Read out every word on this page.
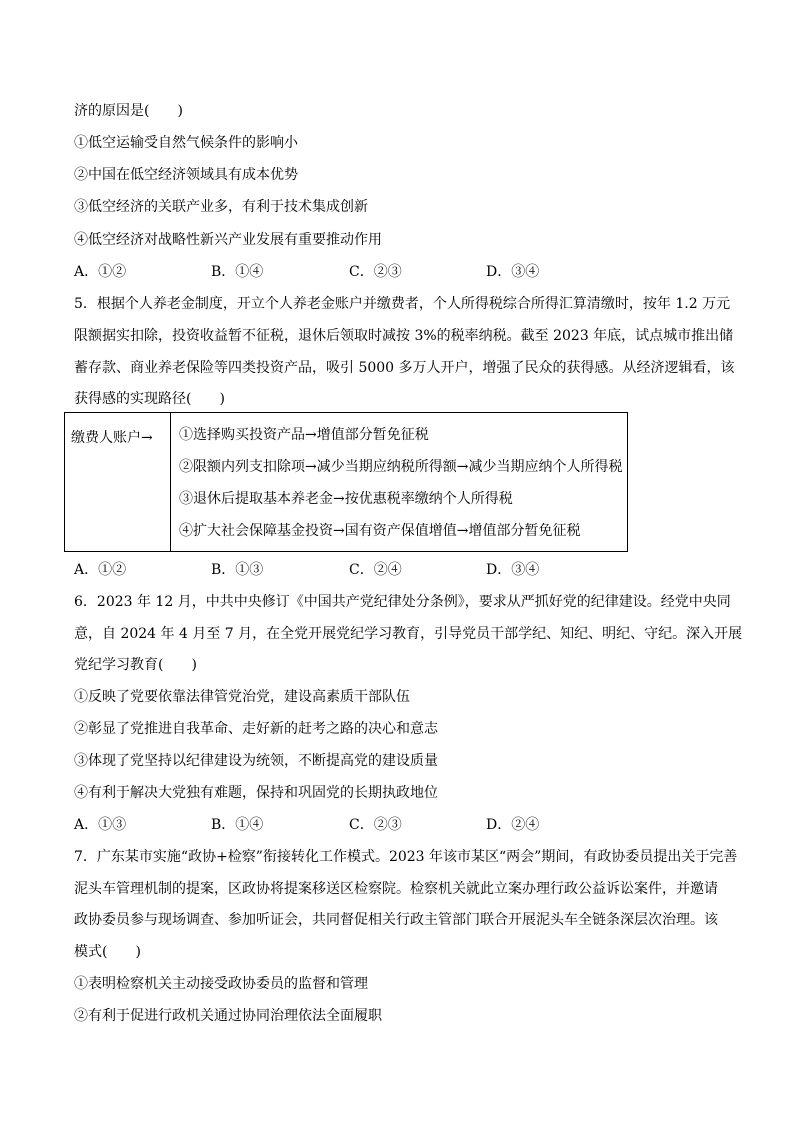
济的原因是(　　)
①低空运输受自然气候条件的影响小
②中国在低空经济领域具有成本优势
③低空经济的关联产业多，有利于技术集成创新
④低空经济对战略性新兴产业发展有重要推动作用
A．①②	B．①④	C．②③	D．③④
5．根据个人养老金制度，开立个人养老金账户并缴费者，个人所得税综合所得汇算清缴时，按年 1.2 万元
限额据实扣除，投资收益暂不征税，退休后领取时减按 3%的税率纳税。截至 2023 年底，试点城市推出储
蓄存款、商业养老保险等四类投资产品，吸引 5000 多万人开户，增强了民众的获得感。从经济逻辑看，该
获得感的实现路径(　　)
缴费人账户→	①选择购买投资产品→增值部分暂免征税
②限额内列支扣除项→减少当期应纳税所得额→减少当期应纳个人所得税
③退休后提取基本养老金→按优惠税率缴纳个人所得税
④扩大社会保障基金投资→国有资产保值增值→增值部分暂免征税
A．①②	B．①③	C．②④	D．③④
6．2023 年 12 月，中共中央修订《中国共产党纪律处分条例》，要求从严抓好党的纪律建设。经党中央同
意，自 2024 年 4 月至 7 月，在全党开展党纪学习教育，引导党员干部学纪、知纪、明纪、守纪。深入开展
党纪学习教育(　　)
①反映了党要依靠法律管党治党，建设高素质干部队伍
②彰显了党推进自我革命、走好新的赶考之路的决心和意志
③体现了党坚持以纪律建设为统领，不断提高党的建设质量
④有利于解决大党独有难题，保持和巩固党的长期执政地位
A．①③	B．①④	C．②③	D．②④
7．广东某市实施“政协+检察”衔接转化工作模式。2023 年该市某区“两会”期间，有政协委员提出关于完善
泥头车管理机制的提案，区政协将提案移送区检察院。检察机关就此立案办理行政公益诉讼案件，并邀请
政协委员参与现场调查、参加听证会，共同督促相关行政主管部门联合开展泥头车全链条深层次治理。该
模式(　　)
①表明检察机关主动接受政协委员的监督和管理
②有利于促进行政机关通过协同治理依法全面履职
